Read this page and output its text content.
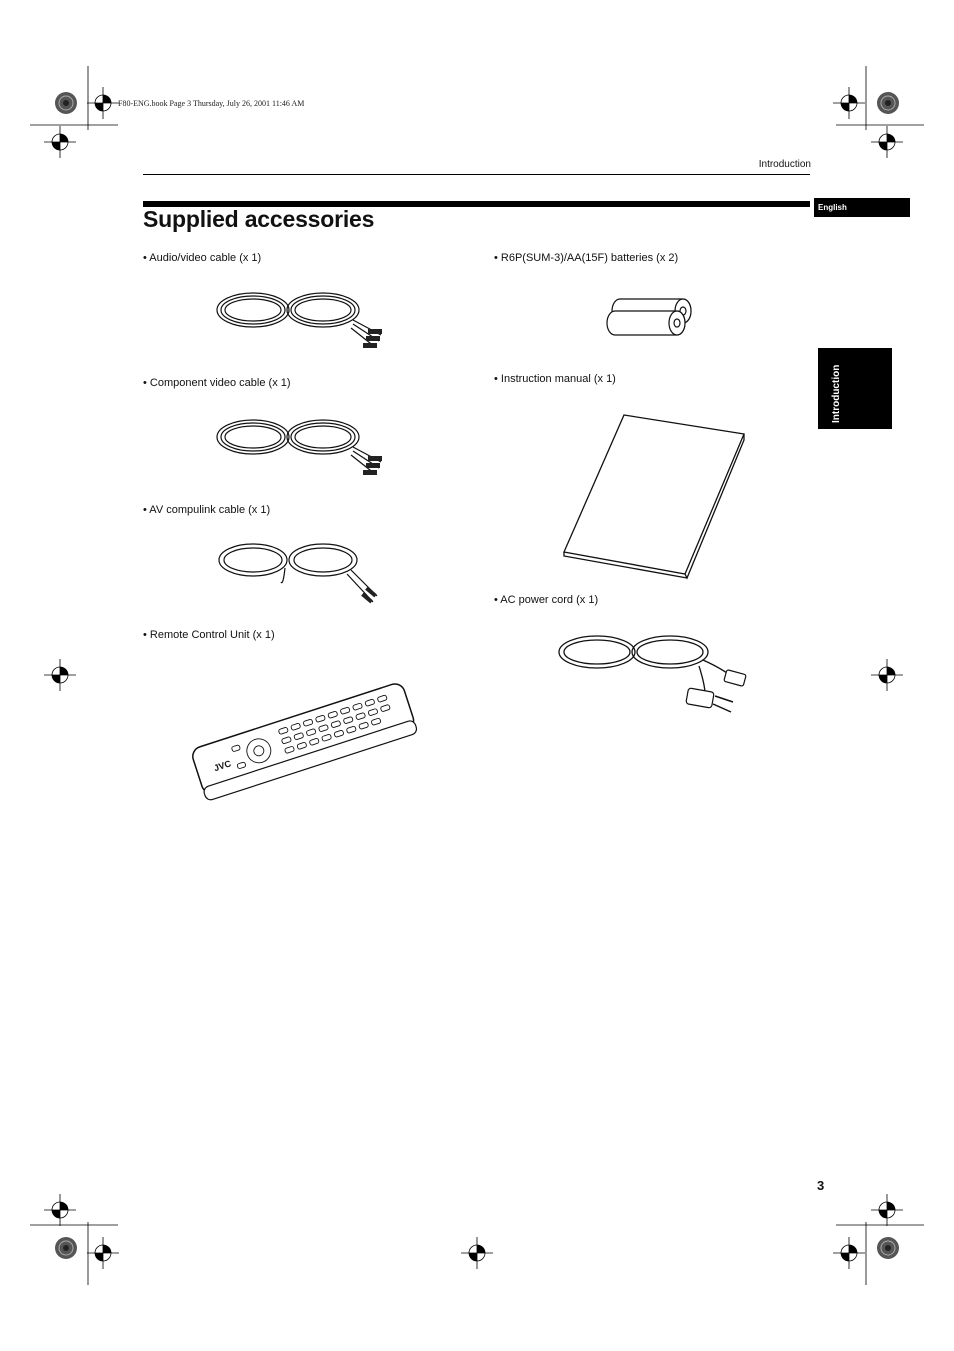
F80-ENG.book Page 3 Thursday, July 26, 2001 11:46 AM
Introduction
Supplied accessories	English
Introduction
• Audio/video cable (x 1)
• Component video cable (x 1)
• AV compulink cable (x 1)
• Remote Control Unit (x 1)
JVC
• R6P(SUM-3)/AA(15F) batteries (x 2)
• Instruction manual (x 1)
• AC power cord (x 1)
3
